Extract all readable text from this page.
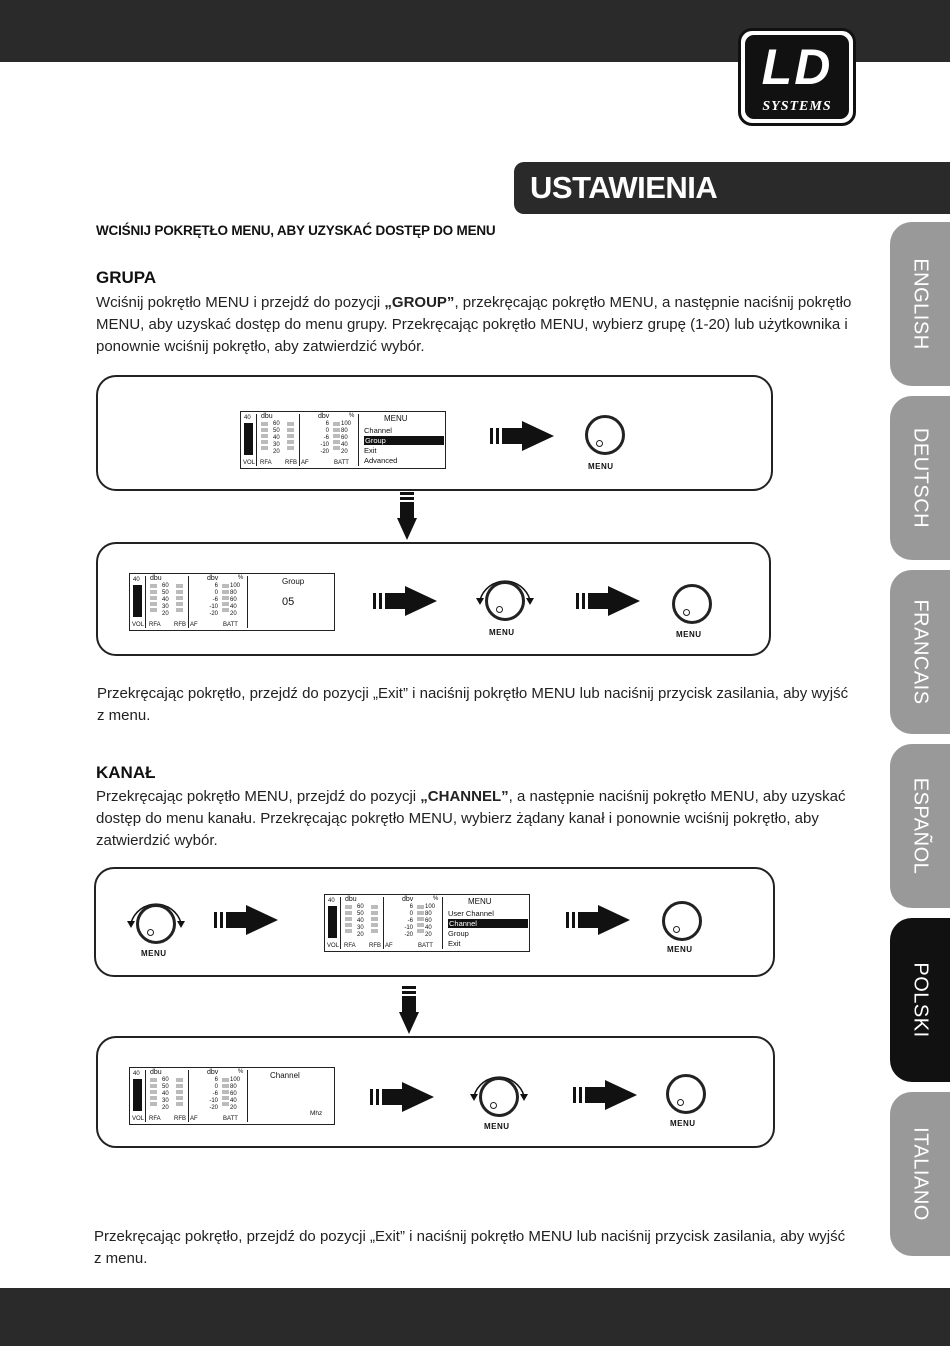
LD
SYSTEMS
USTAWIENIA
ENGLISH
DEUTSCH
FRANCAIS
ESPAÑOL
POLSKI
ITALIANO
WCIŚNIJ POKRĘTŁO MENU, ABY UZYSKAĆ DOSTĘP DO MENU
GRUPA
Wciśnij pokrętło MENU i przejdź do pozycji „GROUP”, przekręcając pokrętło MENU, a następnie naciśnij pokrętło MENU, aby uzyskać dostęp do menu grupy. Przekręcając pokrętło MENU, wybierz grupę (1-20) lub użytkownika i ponownie wciśnij pokrętło, aby zatwierdzić wybór.
40 dbu
60
50
40
30
20
dbv
6
0
-6
-10
-20
%
100
80
60
40
20
VOL RFA RFB AF	BATT
MENU
Channel
Group
Exit
Advanced
MENU
40 dbu
60
50
40
30
20
dbv
6
0
-6
-10
-20
%
100
80
60
40
20
VOL RFA RFB AF	BATT
Group
05
MENU	MENU
Przekręcając pokrętło, przejdź do pozycji „Exit” i naciśnij pokrętło MENU lub naciśnij przycisk zasilania, aby wyjść z menu.
KANAŁ
Przekręcając pokrętło MENU, przejdź do pozycji „CHANNEL”, a następnie naciśnij pokrętło MENU, aby uzyskać dostęp do menu kanału. Przekręcając pokrętło MENU, wybierz żądany kanał i ponownie wciśnij pokrętło, aby zatwierdzić wybór.
MENU
40 dbu
60
50
40
30
20
dbv
6
0
-6
-10
-20
%
100
80
60
40
20
VOL RFA RFB AF	BATT
MENU
User Channel
Channel
Group
Exit
MENU
40 dbu
60
50
40
30
20
dbv
6
0
-6
-10
-20
%
100
80
60
40
20
VOL RFA RFB AF	BATT
Channel
Mhz
MENU	MENU
Przekręcając pokrętło, przejdź do pozycji „Exit” i naciśnij pokrętło MENU lub naciśnij przycisk zasilania, aby wyjść z menu.
